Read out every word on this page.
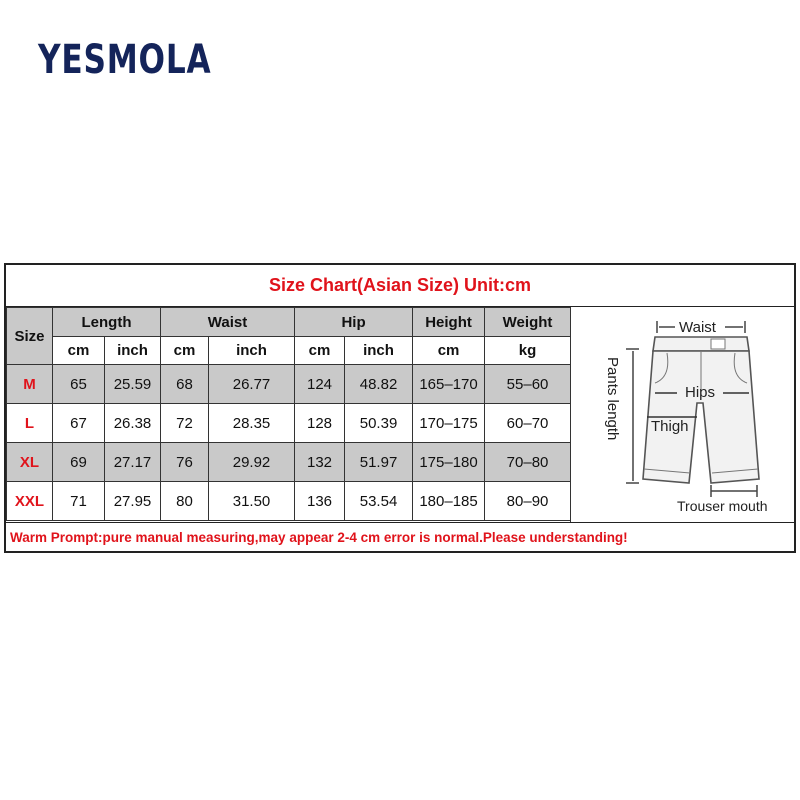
YESMOLA
Size Chart(Asian Size) Unit:cm
Size	Length		Waist		Hip		Height	Weight
	cm	inch	cm	inch	cm	inch	cm	kg
M	65	25.59	68	26.77	124	48.82	165–170	55–60
L	67	26.38	72	28.35	128	50.39	170–175	60–70
XL	69	27.17	76	29.92	132	51.97	175–180	70–80
XXL	71	27.95	80	31.50	136	53.54	180–185	80–90
Waist
Hips
Thigh
Pants length
Trouser mouth
Warm Prompt:pure manual measuring,may appear 2-4 cm error is normal.Please understanding!
